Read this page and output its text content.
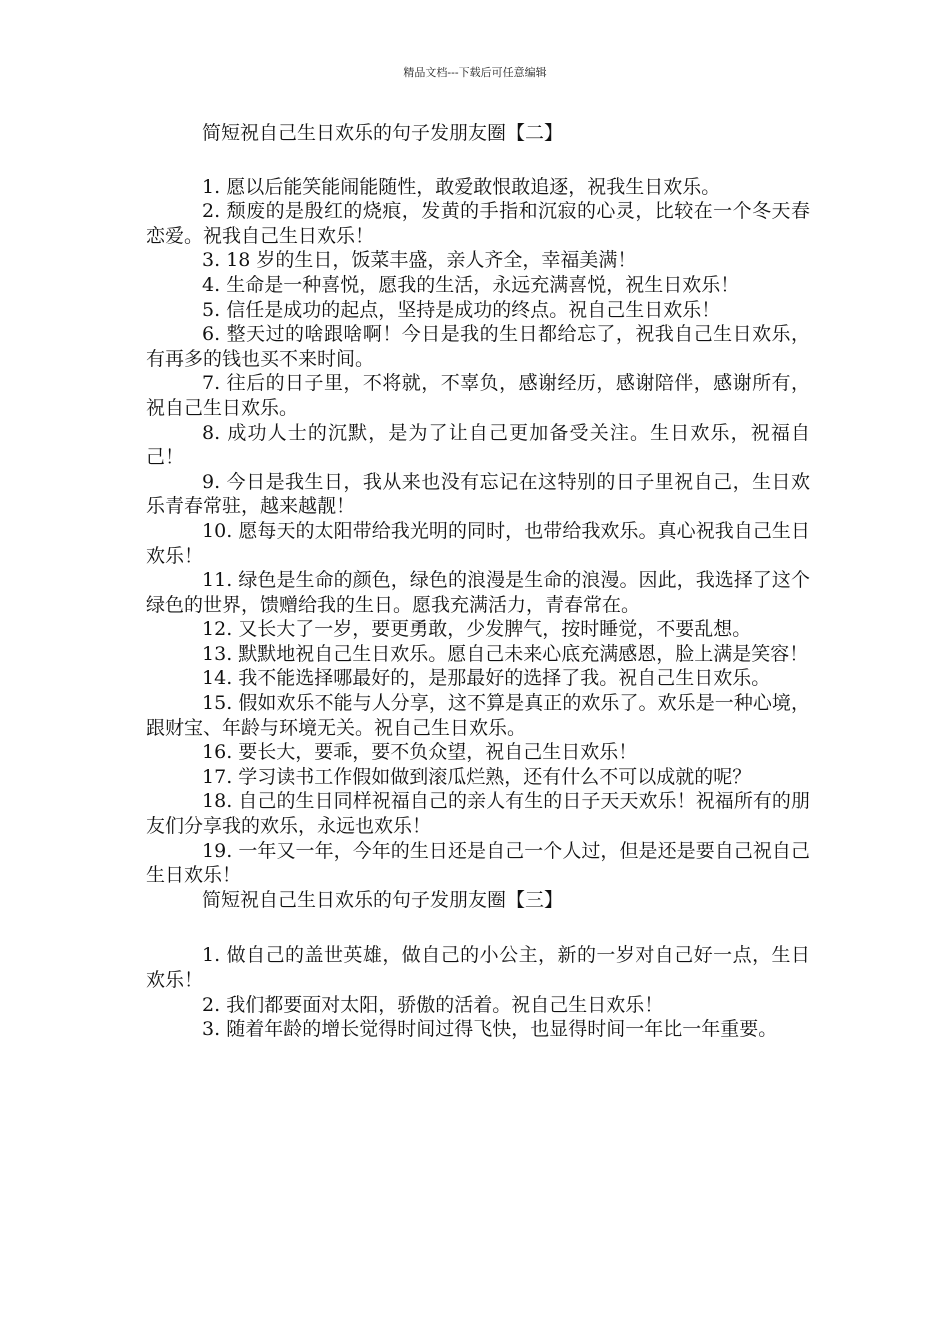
精品文档---下载后可任意编辑

简短祝自己生日欢乐的句子发朋友圈【二】

1. 愿以后能笑能闹能随性，敢爱敢恨敢追逐，祝我生日欢乐。

2. 颓废的是殷红的烧痕，发黄的手指和沉寂的心灵，比较在一个冬天春恋爱。祝我自己生日欢乐！

3. 18 岁的生日，饭菜丰盛，亲人齐全，幸福美满！

4. 生命是一种喜悦，愿我的生活，永远充满喜悦，祝生日欢乐！

5. 信任是成功的起点，坚持是成功的终点。祝自己生日欢乐！

6. 整天过的啥跟啥啊！今日是我的生日都给忘了，祝我自己生日欢乐，有再多的钱也买不来时间。

7. 往后的日子里，不将就，不辜负，感谢经历，感谢陪伴，感谢所有，祝自己生日欢乐。

8. 成功人士的沉默，是为了让自己更加备受关注。生日欢乐，祝福自己！

9. 今日是我生日，我从来也没有忘记在这特别的日子里祝自己，生日欢乐青春常驻，越来越靓！

10. 愿每天的太阳带给我光明的同时，也带给我欢乐。真心祝我自己生日欢乐！

11. 绿色是生命的颜色，绿色的浪漫是生命的浪漫。因此，我选择了这个绿色的世界，馈赠给我的生日。愿我充满活力，青春常在。

12. 又长大了一岁，要更勇敢，少发脾气，按时睡觉，不要乱想。

13. 默默地祝自己生日欢乐。愿自己未来心底充满感恩，脸上满是笑容！

14. 我不能选择哪最好的，是那最好的选择了我。祝自己生日欢乐。

15. 假如欢乐不能与人分享，这不算是真正的欢乐了。欢乐是一种心境，跟财宝、年龄与环境无关。祝自己生日欢乐。

16. 要长大，要乖，要不负众望，祝自己生日欢乐！

17. 学习读书工作假如做到滚瓜烂熟，还有什么不可以成就的呢？

18. 自己的生日同样祝福自己的亲人有生的日子天天欢乐！祝福所有的朋友们分享我的欢乐，永远也欢乐！

19. 一年又一年，今年的生日还是自己一个人过，但是还是要自己祝自己生日欢乐！

简短祝自己生日欢乐的句子发朋友圈【三】

1. 做自己的盖世英雄，做自己的小公主，新的一岁对自己好一点，生日欢乐！

2. 我们都要面对太阳，骄傲的活着。祝自己生日欢乐！

3. 随着年龄的增长觉得时间过得飞快，也显得时间一年比一年重要。
